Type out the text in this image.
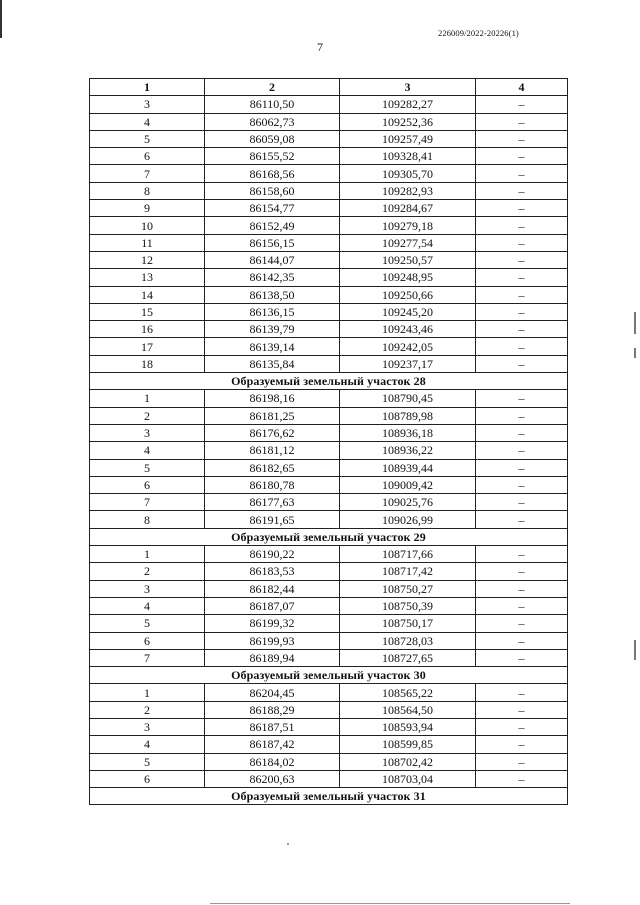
226009/2022-20226(1)
7
1	2	3	4
3	86110,50	109282,27	–
4	86062,73	109252,36	–
5	86059,08	109257,49	–
6	86155,52	109328,41	–
7	86168,56	109305,70	–
8	86158,60	109282,93	–
9	86154,77	109284,67	–
10	86152,49	109279,18	–
11	86156,15	109277,54	–
12	86144,07	109250,57	–
13	86142,35	109248,95	–
14	86138,50	109250,66	–
15	86136,15	109245,20	–
16	86139,79	109243,46	–
17	86139,14	109242,05	–
18	86135,84	109237,17	–
Образуемый земельный участок 28			
1	86198,16	108790,45	–
2	86181,25	108789,98	–
3	86176,62	108936,18	–
4	86181,12	108936,22	–
5	86182,65	108939,44	–
6	86180,78	109009,42	–
7	86177,63	109025,76	–
8	86191,65	109026,99	–
Образуемый земельный участок 29			
1	86190,22	108717,66	–
2	86183,53	108717,42	–
3	86182,44	108750,27	–
4	86187,07	108750,39	–
5	86199,32	108750,17	–
6	86199,93	108728,03	–
7	86189,94	108727,65	–
Образуемый земельный участок 30			
1	86204,45	108565,22	–
2	86188,29	108564,50	–
3	86187,51	108593,94	–
4	86187,42	108599,85	–
5	86184,02	108702,42	–
6	86200,63	108703,04	–
Образуемый земельный участок 31			
